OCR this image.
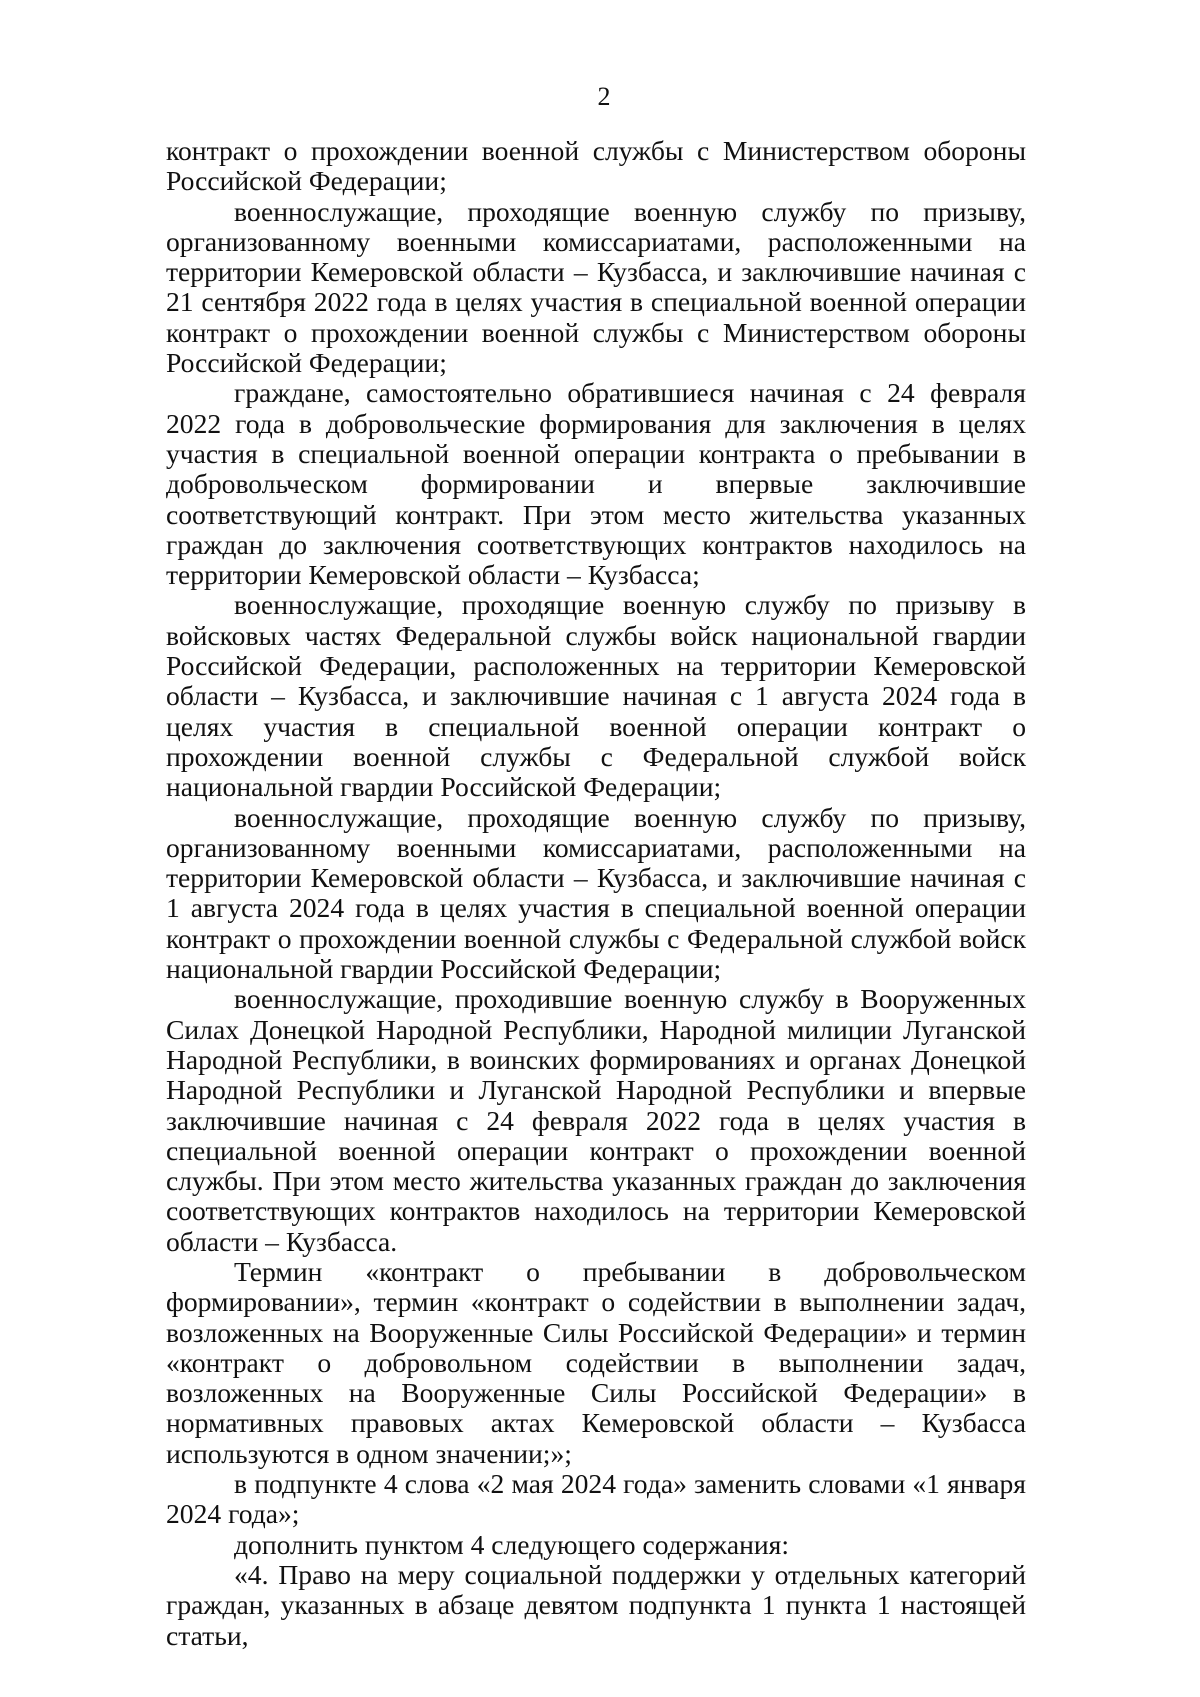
2

контракт о прохождении военной службы с Министерством обороны Российской Федерации;

военнослужащие, проходящие военную службу по призыву, организованному военными комиссариатами, расположенными на территории Кемеровской области – Кузбасса, и заключившие начиная с 21 сентября 2022 года в целях участия в специальной военной операции контракт о прохождении военной службы с Министерством обороны Российской Федерации;

граждане, самостоятельно обратившиеся начиная с 24 февраля 2022 года в добровольческие формирования для заключения в целях участия в специальной военной операции контракта о пребывании в добровольческом формировании и впервые заключившие соответствующий контракт. При этом место жительства указанных граждан до заключения соответствующих контрактов находилось на территории Кемеровской области – Кузбасса;

военнослужащие, проходящие военную службу по призыву в войсковых частях Федеральной службы войск национальной гвардии Российской Федерации, расположенных на территории Кемеровской области – Кузбасса, и заключившие начиная с 1 августа 2024 года в целях участия в специальной военной операции контракт о прохождении военной службы с Федеральной службой войск национальной гвардии Российской Федерации;

военнослужащие, проходящие военную службу по призыву, организованному военными комиссариатами, расположенными на территории Кемеровской области – Кузбасса, и заключившие начиная с 1 августа 2024 года в целях участия в специальной военной операции контракт о прохождении военной службы с Федеральной службой войск национальной гвардии Российской Федерации;

военнослужащие, проходившие военную службу в Вооруженных Силах Донецкой Народной Республики, Народной милиции Луганской Народной Республики, в воинских формированиях и органах Донецкой Народной Республики и Луганской Народной Республики и впервые заключившие начиная с 24 февраля 2022 года в целях участия в специальной военной операции контракт о прохождении военной службы. При этом место жительства указанных граждан до заключения соответствующих контрактов находилось на территории Кемеровской области – Кузбасса.

Термин «контракт о пребывании в добровольческом формировании», термин «контракт о содействии в выполнении задач, возложенных на Вооруженные Силы Российской Федерации» и термин «контракт о добровольном содействии в выполнении задач, возложенных на Вооруженные Силы Российской Федерации» в нормативных правовых актах Кемеровской области – Кузбасса используются в одном значении;»;

в подпункте 4 слова «2 мая 2024 года» заменить словами «1 января 2024 года»;

дополнить пунктом 4 следующего содержания:

«4. Право на меру социальной поддержки у отдельных категорий граждан, указанных в абзаце девятом подпункта 1 пункта 1 настоящей статьи,
